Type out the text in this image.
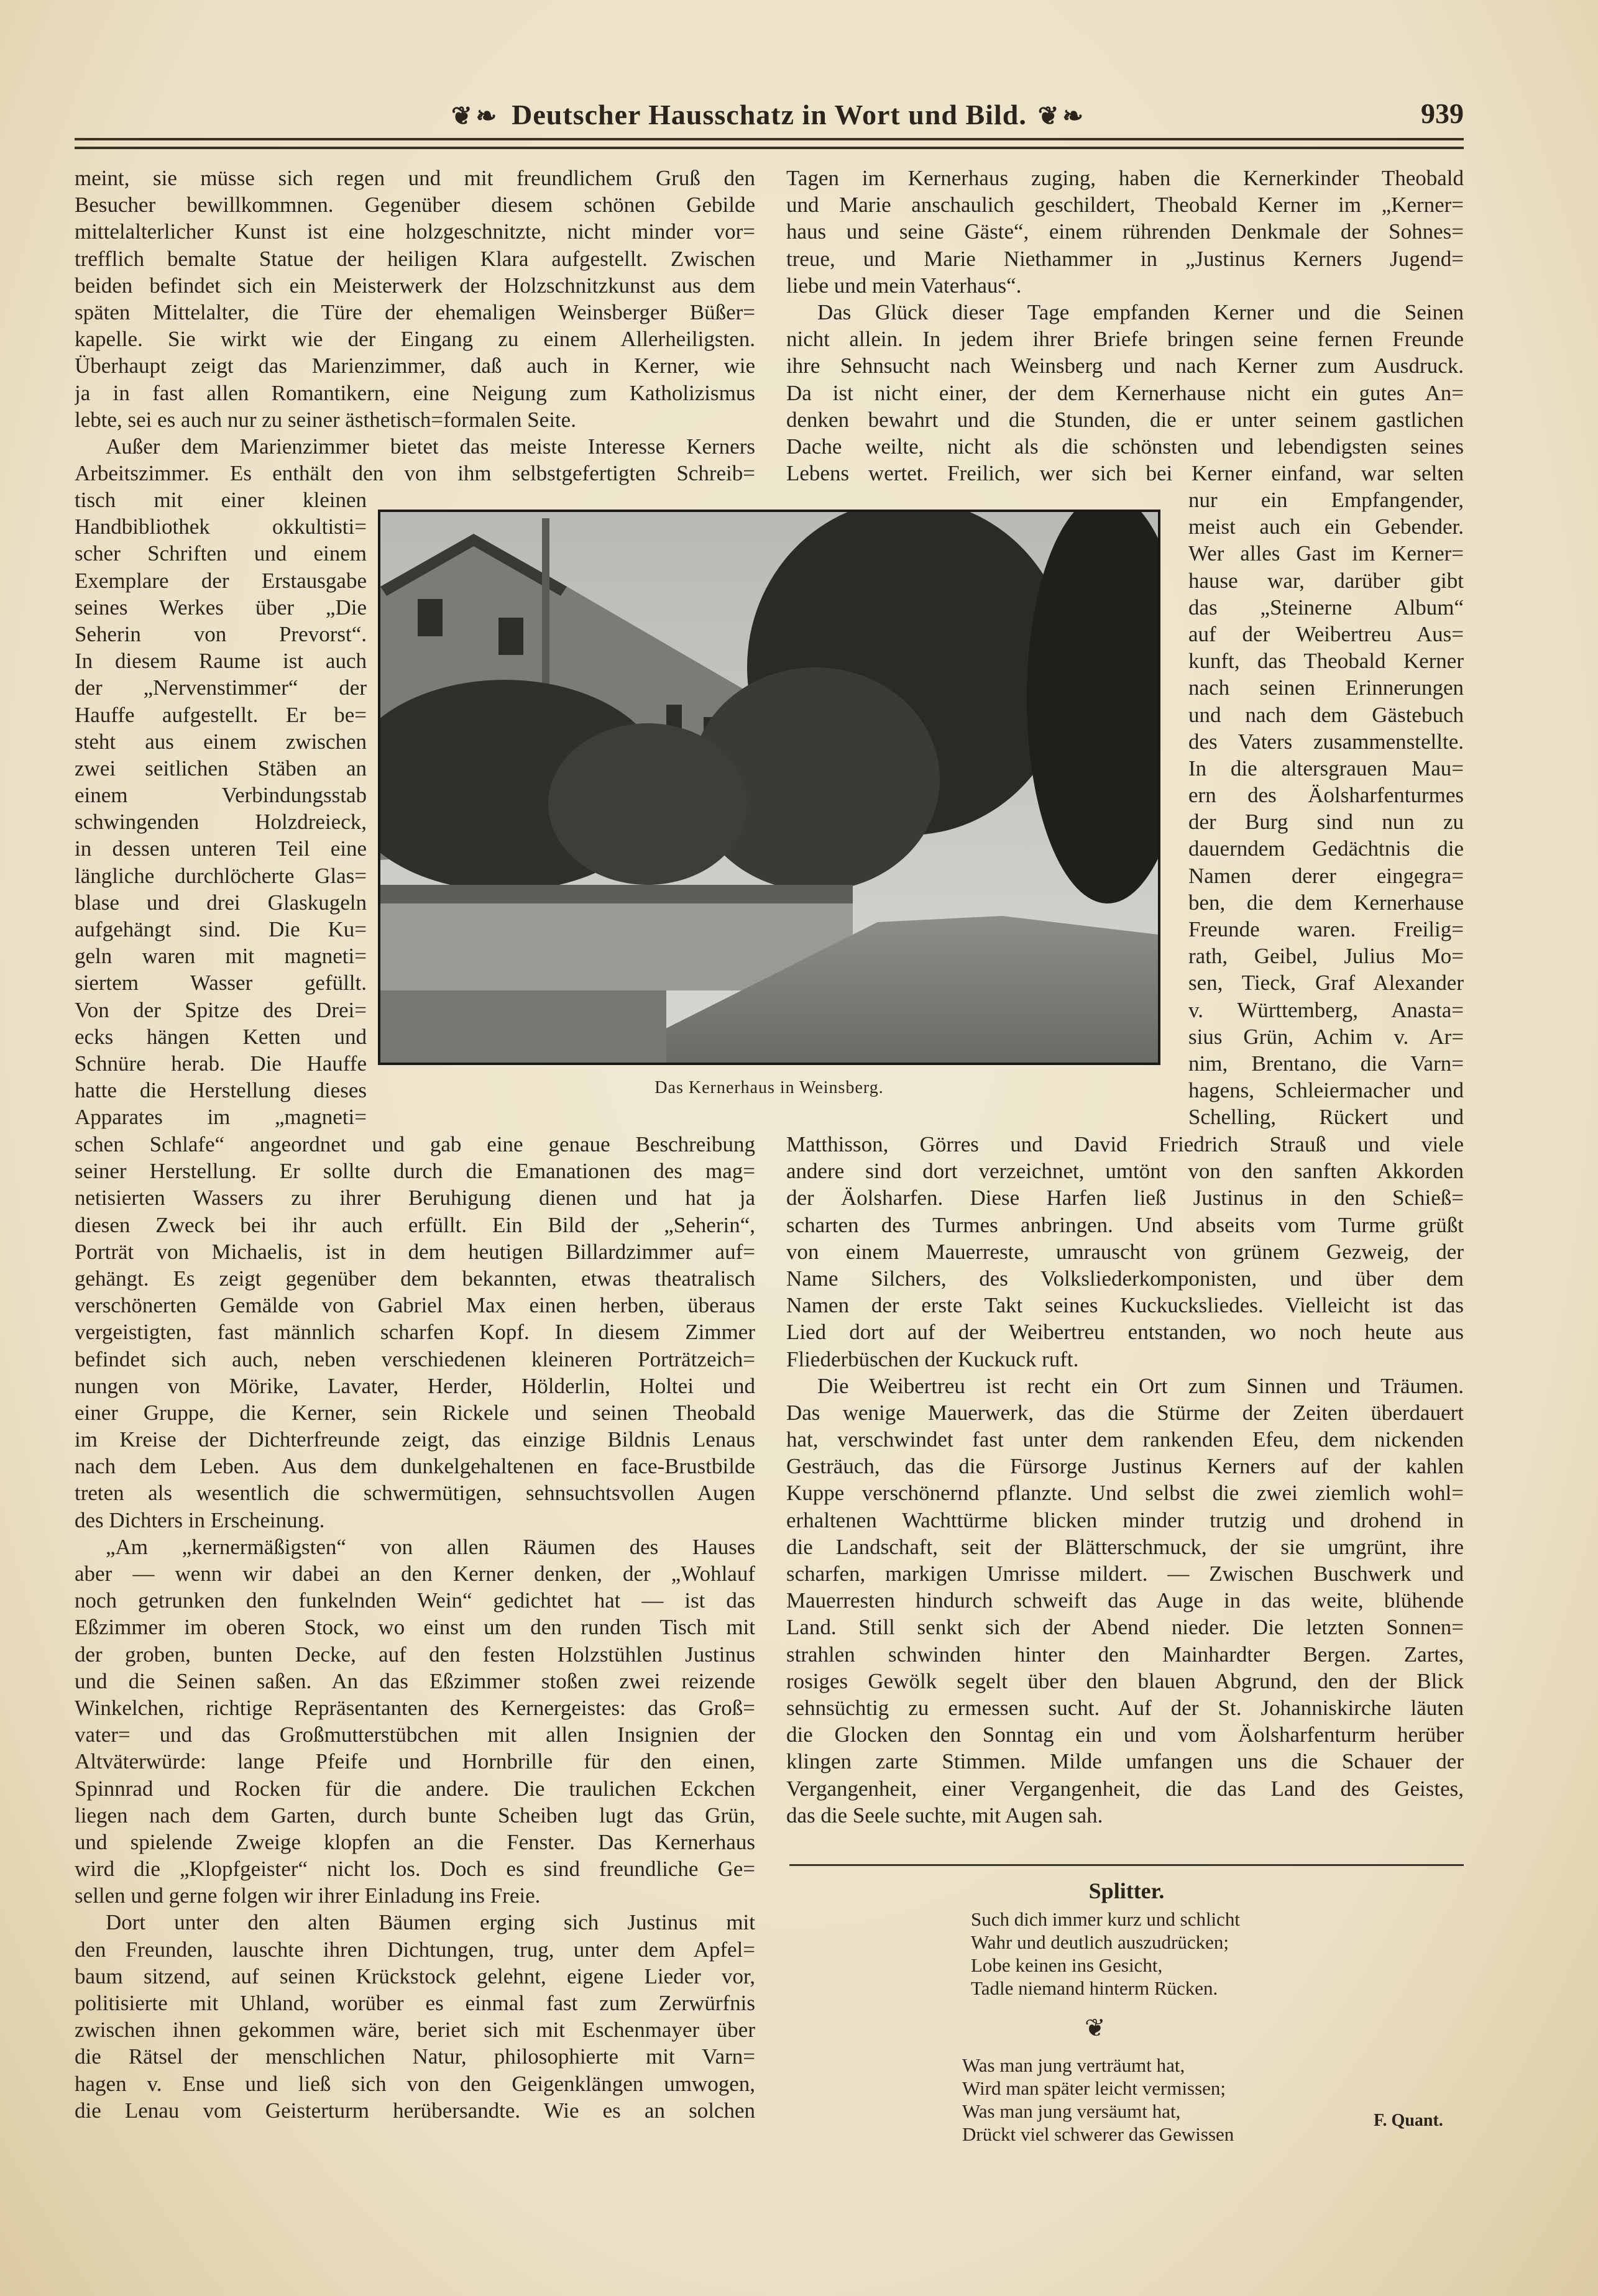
❦❧ Deutscher Hausschatz in Wort und Bild. ❦❧	939
meint, sie müsse sich regen und mit freundlichem Gruß den
Besucher bewillkommnen. Gegenüber diesem schönen Gebilde
mittelalterlicher Kunst ist eine holzgeschnitzte, nicht minder vor=
trefflich bemalte Statue der heiligen Klara aufgestellt. Zwischen
beiden befindet sich ein Meisterwerk der Holzschnitzkunst aus dem
späten Mittelalter, die Türe der ehemaligen Weinsberger Büßer=
kapelle. Sie wirkt wie der Eingang zu einem Allerheiligsten.
Überhaupt zeigt das Marienzimmer, daß auch in Kerner, wie
ja in fast allen Romantikern, eine Neigung zum Katholizismus
lebte, sei es auch nur zu seiner ästhetisch=formalen Seite.
Außer dem Marienzimmer bietet das meiste Interesse Kerners
Arbeitszimmer. Es enthält den von ihm selbstgefertigten Schreib=
tisch mit einer kleinen
Handbibliothek okkultisti=
scher Schriften und einem
Exemplare der Erstausgabe
seines Werkes über „Die
Seherin von Prevorst“.
In diesem Raume ist auch
der „Nervenstimmer“ der
Hauffe aufgestellt. Er be=
steht aus einem zwischen
zwei seitlichen Stäben an
einem Verbindungsstab
schwingenden Holzdreieck,
in dessen unteren Teil eine
längliche durchlöcherte Glas=
blase und drei Glaskugeln
aufgehängt sind. Die Ku=
geln waren mit magneti=
siertem Wasser gefüllt.
Von der Spitze des Drei=
ecks hängen Ketten und
Schnüre herab. Die Hauffe
hatte die Herstellung dieses
Apparates im „magneti=
schen Schlafe“ angeordnet und gab eine genaue Beschreibung
seiner Herstellung. Er sollte durch die Emanationen des mag=
netisierten Wassers zu ihrer Beruhigung dienen und hat ja
diesen Zweck bei ihr auch erfüllt. Ein Bild der „Seherin“,
Porträt von Michaelis, ist in dem heutigen Billardzimmer auf=
gehängt. Es zeigt gegenüber dem bekannten, etwas theatralisch
verschönerten Gemälde von Gabriel Max einen herben, überaus
vergeistigten, fast männlich scharfen Kopf. In diesem Zimmer
befindet sich auch, neben verschiedenen kleineren Porträtzeich=
nungen von Mörike, Lavater, Herder, Hölderlin, Holtei und
einer Gruppe, die Kerner, sein Rickele und seinen Theobald
im Kreise der Dichterfreunde zeigt, das einzige Bildnis Lenaus
nach dem Leben. Aus dem dunkelgehaltenen en face-Brustbilde
treten als wesentlich die schwermütigen, sehnsuchtsvollen Augen
des Dichters in Erscheinung.
„Am „kernermäßigsten“ von allen Räumen des Hauses
aber — wenn wir dabei an den Kerner denken, der „Wohlauf
noch getrunken den funkelnden Wein“ gedichtet hat — ist das
Eßzimmer im oberen Stock, wo einst um den runden Tisch mit
der groben, bunten Decke, auf den festen Holzstühlen Justinus
und die Seinen saßen. An das Eßzimmer stoßen zwei reizende
Winkelchen, richtige Repräsentanten des Kernergeistes: das Groß=
vater= und das Großmutterstübchen mit allen Insignien der
Altväterwürde: lange Pfeife und Hornbrille für den einen,
Spinnrad und Rocken für die andere. Die traulichen Eckchen
liegen nach dem Garten, durch bunte Scheiben lugt das Grün,
und spielende Zweige klopfen an die Fenster. Das Kernerhaus
wird die „Klopfgeister“ nicht los. Doch es sind freundliche Ge=
sellen und gerne folgen wir ihrer Einladung ins Freie.
Dort unter den alten Bäumen erging sich Justinus mit
den Freunden, lauschte ihren Dichtungen, trug, unter dem Apfel=
baum sitzend, auf seinen Krückstock gelehnt, eigene Lieder vor,
politisierte mit Uhland, worüber es einmal fast zum Zerwürfnis
zwischen ihnen gekommen wäre, beriet sich mit Eschenmayer über
die Rätsel der menschlichen Natur, philosophierte mit Varn=
hagen v. Ense und ließ sich von den Geigenklängen umwogen,
die Lenau vom Geisterturm herübersandte. Wie es an solchen
Tagen im Kernerhaus zuging, haben die Kernerkinder Theobald
und Marie anschaulich geschildert, Theobald Kerner im „Kerner=
haus und seine Gäste“, einem rührenden Denkmale der Sohnes=
treue, und Marie Niethammer in „Justinus Kerners Jugend=
liebe und mein Vaterhaus“.
Das Glück dieser Tage empfanden Kerner und die Seinen
nicht allein. In jedem ihrer Briefe bringen seine fernen Freunde
ihre Sehnsucht nach Weinsberg und nach Kerner zum Ausdruck.
Da ist nicht einer, der dem Kernerhause nicht ein gutes An=
denken bewahrt und die Stunden, die er unter seinem gastlichen
Dache weilte, nicht als die schönsten und lebendigsten seines
Lebens wertet. Freilich, wer sich bei Kerner einfand, war selten
nur ein Empfangender,
meist auch ein Gebender.
Wer alles Gast im Kerner=
hause war, darüber gibt
das „Steinerne Album“
auf der Weibertreu Aus=
kunft, das Theobald Kerner
nach seinen Erinnerungen
und nach dem Gästebuch
des Vaters zusammenstellte.
In die altersgrauen Mau=
ern des Äolsharfenturmes
der Burg sind nun zu
dauerndem Gedächtnis die
Namen derer eingegra=
ben, die dem Kernerhause
Freunde waren. Freilig=
rath, Geibel, Julius Mo=
sen, Tieck, Graf Alexander
v. Württemberg, Anasta=
sius Grün, Achim v. Ar=
nim, Brentano, die Varn=
hagens, Schleiermacher und
Schelling, Rückert und
Matthisson, Görres und David Friedrich Strauß und viele
andere sind dort verzeichnet, umtönt von den sanften Akkorden
der Äolsharfen. Diese Harfen ließ Justinus in den Schieß=
scharten des Turmes anbringen. Und abseits vom Turme grüßt
von einem Mauerreste, umrauscht von grünem Gezweig, der
Name Silchers, des Volksliederkomponisten, und über dem
Namen der erste Takt seines Kuckucksliedes. Vielleicht ist das
Lied dort auf der Weibertreu entstanden, wo noch heute aus
Fliederbüschen der Kuckuck ruft.
Die Weibertreu ist recht ein Ort zum Sinnen und Träumen.
Das wenige Mauerwerk, das die Stürme der Zeiten überdauert
hat, verschwindet fast unter dem rankenden Efeu, dem nickenden
Gesträuch, das die Fürsorge Justinus Kerners auf der kahlen
Kuppe verschönernd pflanzte. Und selbst die zwei ziemlich wohl=
erhaltenen Wachttürme blicken minder trutzig und drohend in
die Landschaft, seit der Blätterschmuck, der sie umgrünt, ihre
scharfen, markigen Umrisse mildert. — Zwischen Buschwerk und
Mauerresten hindurch schweift das Auge in das weite, blühende
Land. Still senkt sich der Abend nieder. Die letzten Sonnen=
strahlen schwinden hinter den Mainhardter Bergen. Zartes,
rosiges Gewölk segelt über den blauen Abgrund, den der Blick
sehnsüchtig zu ermessen sucht. Auf der St. Johanniskirche läuten
die Glocken den Sonntag ein und vom Äolsharfenturm herüber
klingen zarte Stimmen. Milde umfangen uns die Schauer der
Vergangenheit, einer Vergangenheit, die das Land des Geistes,
das die Seele suchte, mit Augen sah.
Das Kernerhaus in Weinsberg.
Splitter.
Such dich immer kurz und schlicht
Wahr und deutlich auszudrücken;
Lobe keinen ins Gesicht,
Tadle niemand hinterm Rücken.
❦
Was man jung verträumt hat,
Wird man später leicht vermissen;
Was man jung versäumt hat,
Drückt viel schwerer das Gewissen
F. Quant.
